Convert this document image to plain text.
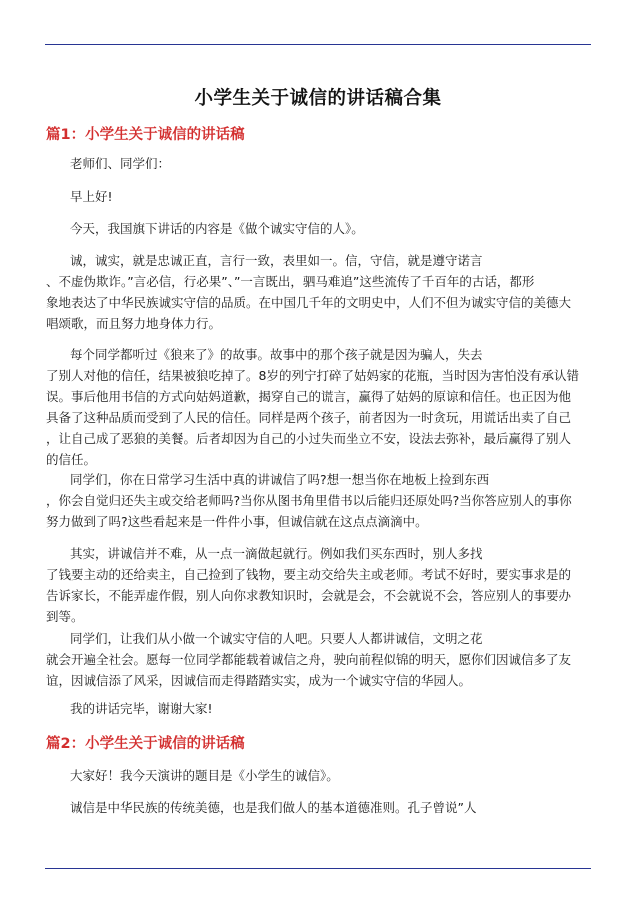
小学生关于诚信的讲话稿合集
篇1：小学生关于诚信的讲话稿
老师们、同学们：
早上好!
今天，我国旗下讲话的内容是《做个诚实守信的人》。
诚，诚实，就是忠诚正直，言行一致，表里如一。信，守信，就是遵守诺言
、不虚伪欺诈。”言必信，行必果”、”一言既出，驷马难追”这些流传了千百年的古话，都形
象地表达了中华民族诚实守信的品质。在中国几千年的文明史中，人们不但为诚实守信的美德大
唱颂歌，而且努力地身体力行。
每个同学都听过《狼来了》的故事。故事中的那个孩子就是因为骗人，失去
了别人对他的信任，结果被狼吃掉了。8岁的列宁打碎了姑妈家的花瓶，当时因为害怕没有承认错
误。事后他用书信的方式向姑妈道歉，揭穿自己的谎言，赢得了姑妈的原谅和信任。也正因为他
具备了这种品质而受到了人民的信任。同样是两个孩子，前者因为一时贪玩，用谎话出卖了自己
，让自己成了恶狼的美餐。后者却因为自己的小过失而坐立不安，设法去弥补，最后赢得了别人
的信任。
同学们，你在日常学习生活中真的讲诚信了吗?想一想当你在地板上捡到东西
，你会自觉归还失主或交给老师吗?当你从图书角里借书以后能归还原处吗?当你答应别人的事你
努力做到了吗?这些看起来是一件件小事，但诚信就在这点点滴滴中。
其实，讲诚信并不难，从一点一滴做起就行。例如我们买东西时，别人多找
了钱要主动的还给卖主，自己捡到了钱物，要主动交给失主或老师。考试不好时，要实事求是的
告诉家长，不能弄虚作假，别人向你求教知识时，会就是会，不会就说不会，答应别人的事要办
到等。
同学们，让我们从小做一个诚实守信的人吧。只要人人都讲诚信，文明之花
就会开遍全社会。愿每一位同学都能载着诚信之舟，驶向前程似锦的明天，愿你们因诚信多了友
谊，因诚信添了风采，因诚信而走得踏踏实实，成为一个诚实守信的华园人。
我的讲话完毕，谢谢大家!
篇2：小学生关于诚信的讲话稿
大家好！我今天演讲的题目是《小学生的诚信》。
诚信是中华民族的传统美德，也是我们做人的基本道德准则。孔子曾说”人
